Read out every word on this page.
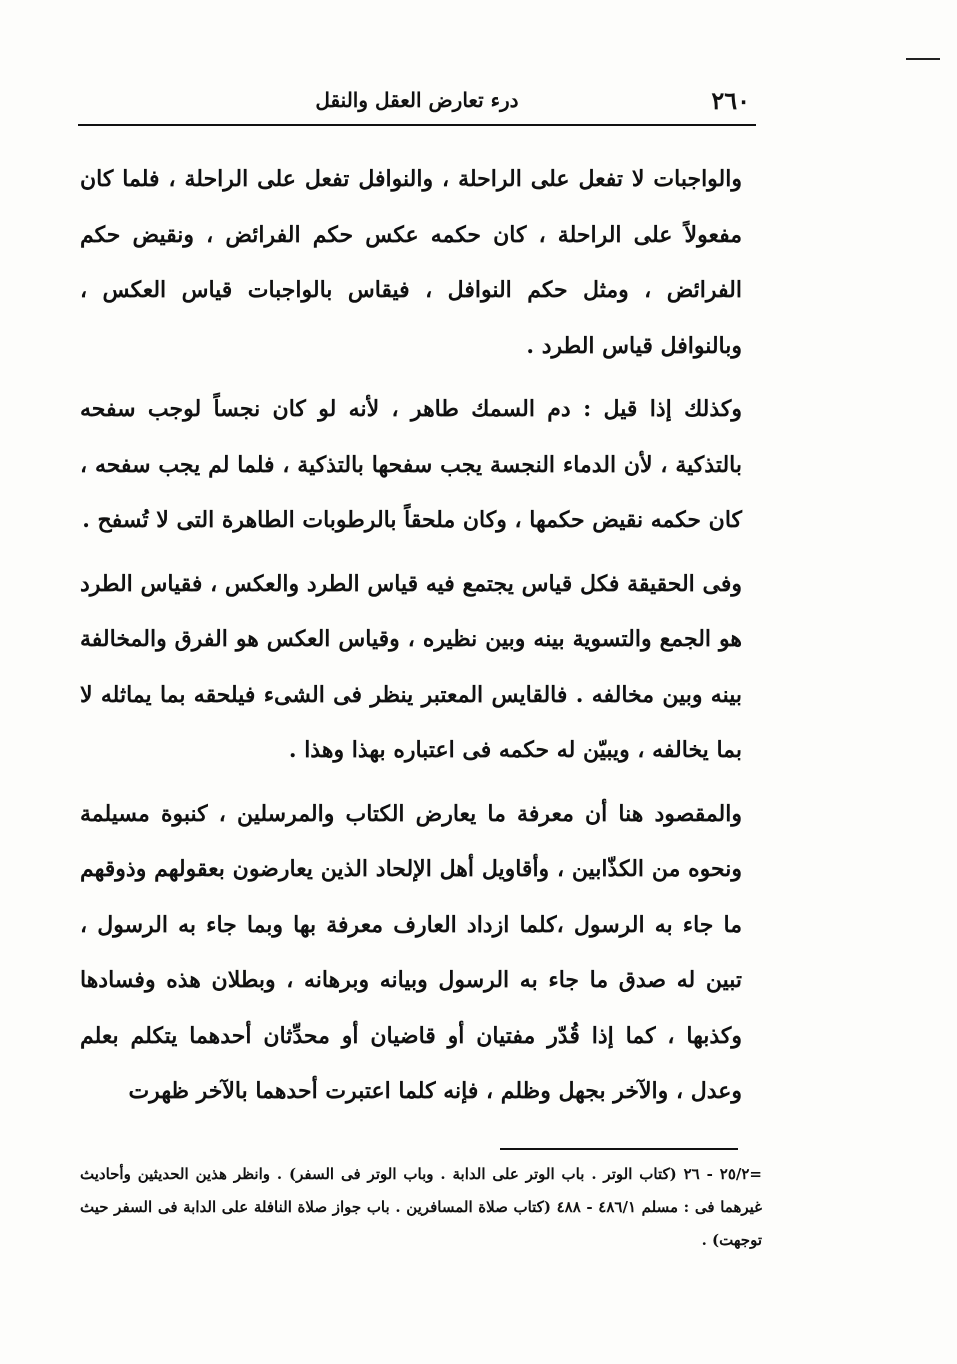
٢٦٠
درء تعارض العقل والنقل

والواجبات لا تفعل على الراحلة ، والنوافل تفعل على الراحلة ، فلما كان مفعولاً على الراحلة ، كان حكمه عكس حكم الفرائض ، ونقيض حكم الفرائض ، ومثل حكم النوافل ، فيقاس بالواجبات قياس العكس ، وبالنوافل قياس الطرد .

وكذلك إذا قيل : دم السمك طاهر ، لأنه لو كان نجساً لوجب سفحه بالتذكية ، لأن الدماء النجسة يجب سفحها بالتذكية ، فلما لم يجب سفحه ، كان حكمه نقيض حكمها ، وكان ملحقاً بالرطوبات الطاهرة التى لا تُسفح .

وفى الحقيقة فكل قياس يجتمع فيه قياس الطرد والعكس ، فقياس الطرد هو الجمع والتسوية بينه وبين نظيره ، وقياس العكس هو الفرق والمخالفة بينه وبين مخالفه . فالقايس المعتبر ينظر فى الشىء فيلحقه بما يماثله لا بما يخالفه ، ويبيّن له حكمه فى اعتباره بهذا وهذا .

والمقصود هنا أن معرفة ما يعارض الكتاب والمرسلين ، كنبوة مسيلمة ونحوه من الكذّابين ، وأقاويل أهل الإلحاد الذين يعارضون بعقولهم وذوقهم ما جاء به الرسول ،كلما ازداد العارف معرفة بها وبما جاء به الرسول ، تبين له صدق ما جاء به الرسول وبيانه وبرهانه ، وبطلان هذه وفسادها وكذبها ، كما إذا قُدّر مفتيان أو قاضيان أو محدِّثان أحدهما يتكلم بعلم وعدل ، والآخر بجهل وظلم ، فإنه كلما اعتبرت أحدهما بالآخر ظهرت

=٢٥/٢ - ٢٦ (كتاب الوتر . باب الوتر على الدابة . وباب الوتر فى السفر) . وانظر هذين الحديثين وأحاديث غيرهما فى : مسلم ٤٨٦/١ - ٤٨٨ (كتاب صلاة المسافرين . باب جواز صلاة النافلة على الدابة فى السفر حيث توجهت) .
